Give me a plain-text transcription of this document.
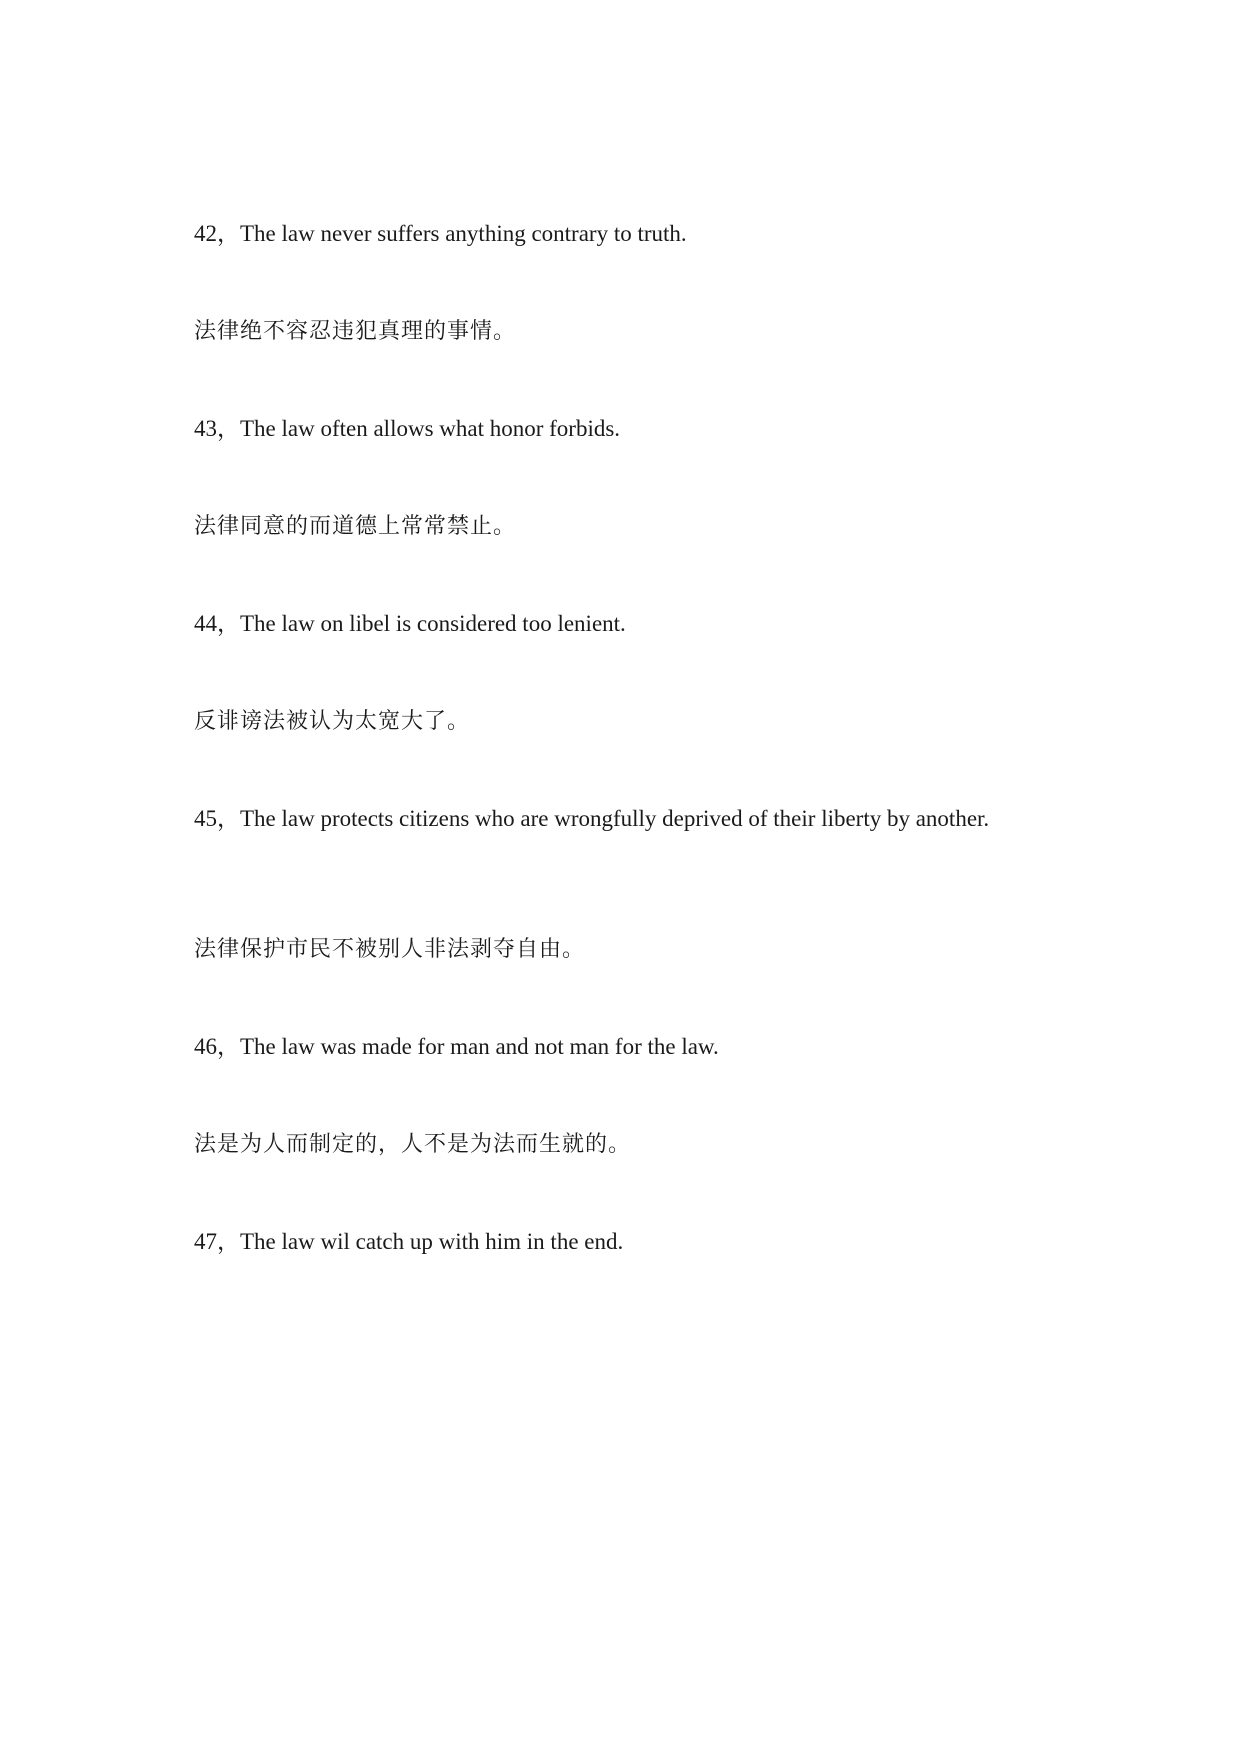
42，The law never suffers anything contrary to truth.
法律绝不容忍违犯真理的事情。
43，The law often allows what honor forbids.
法律同意的而道德上常常禁止。
44，The law on libel is considered too lenient.
反诽谤法被认为太宽大了。
45，The law protects citizens who are wrongfully deprived of their liberty by another.
法律保护市民不被别人非法剥夺自由。
46，The law was made for man and not man for the law.
法是为人而制定的，人不是为法而生就的。
47，The law wil catch up with him in the end.
